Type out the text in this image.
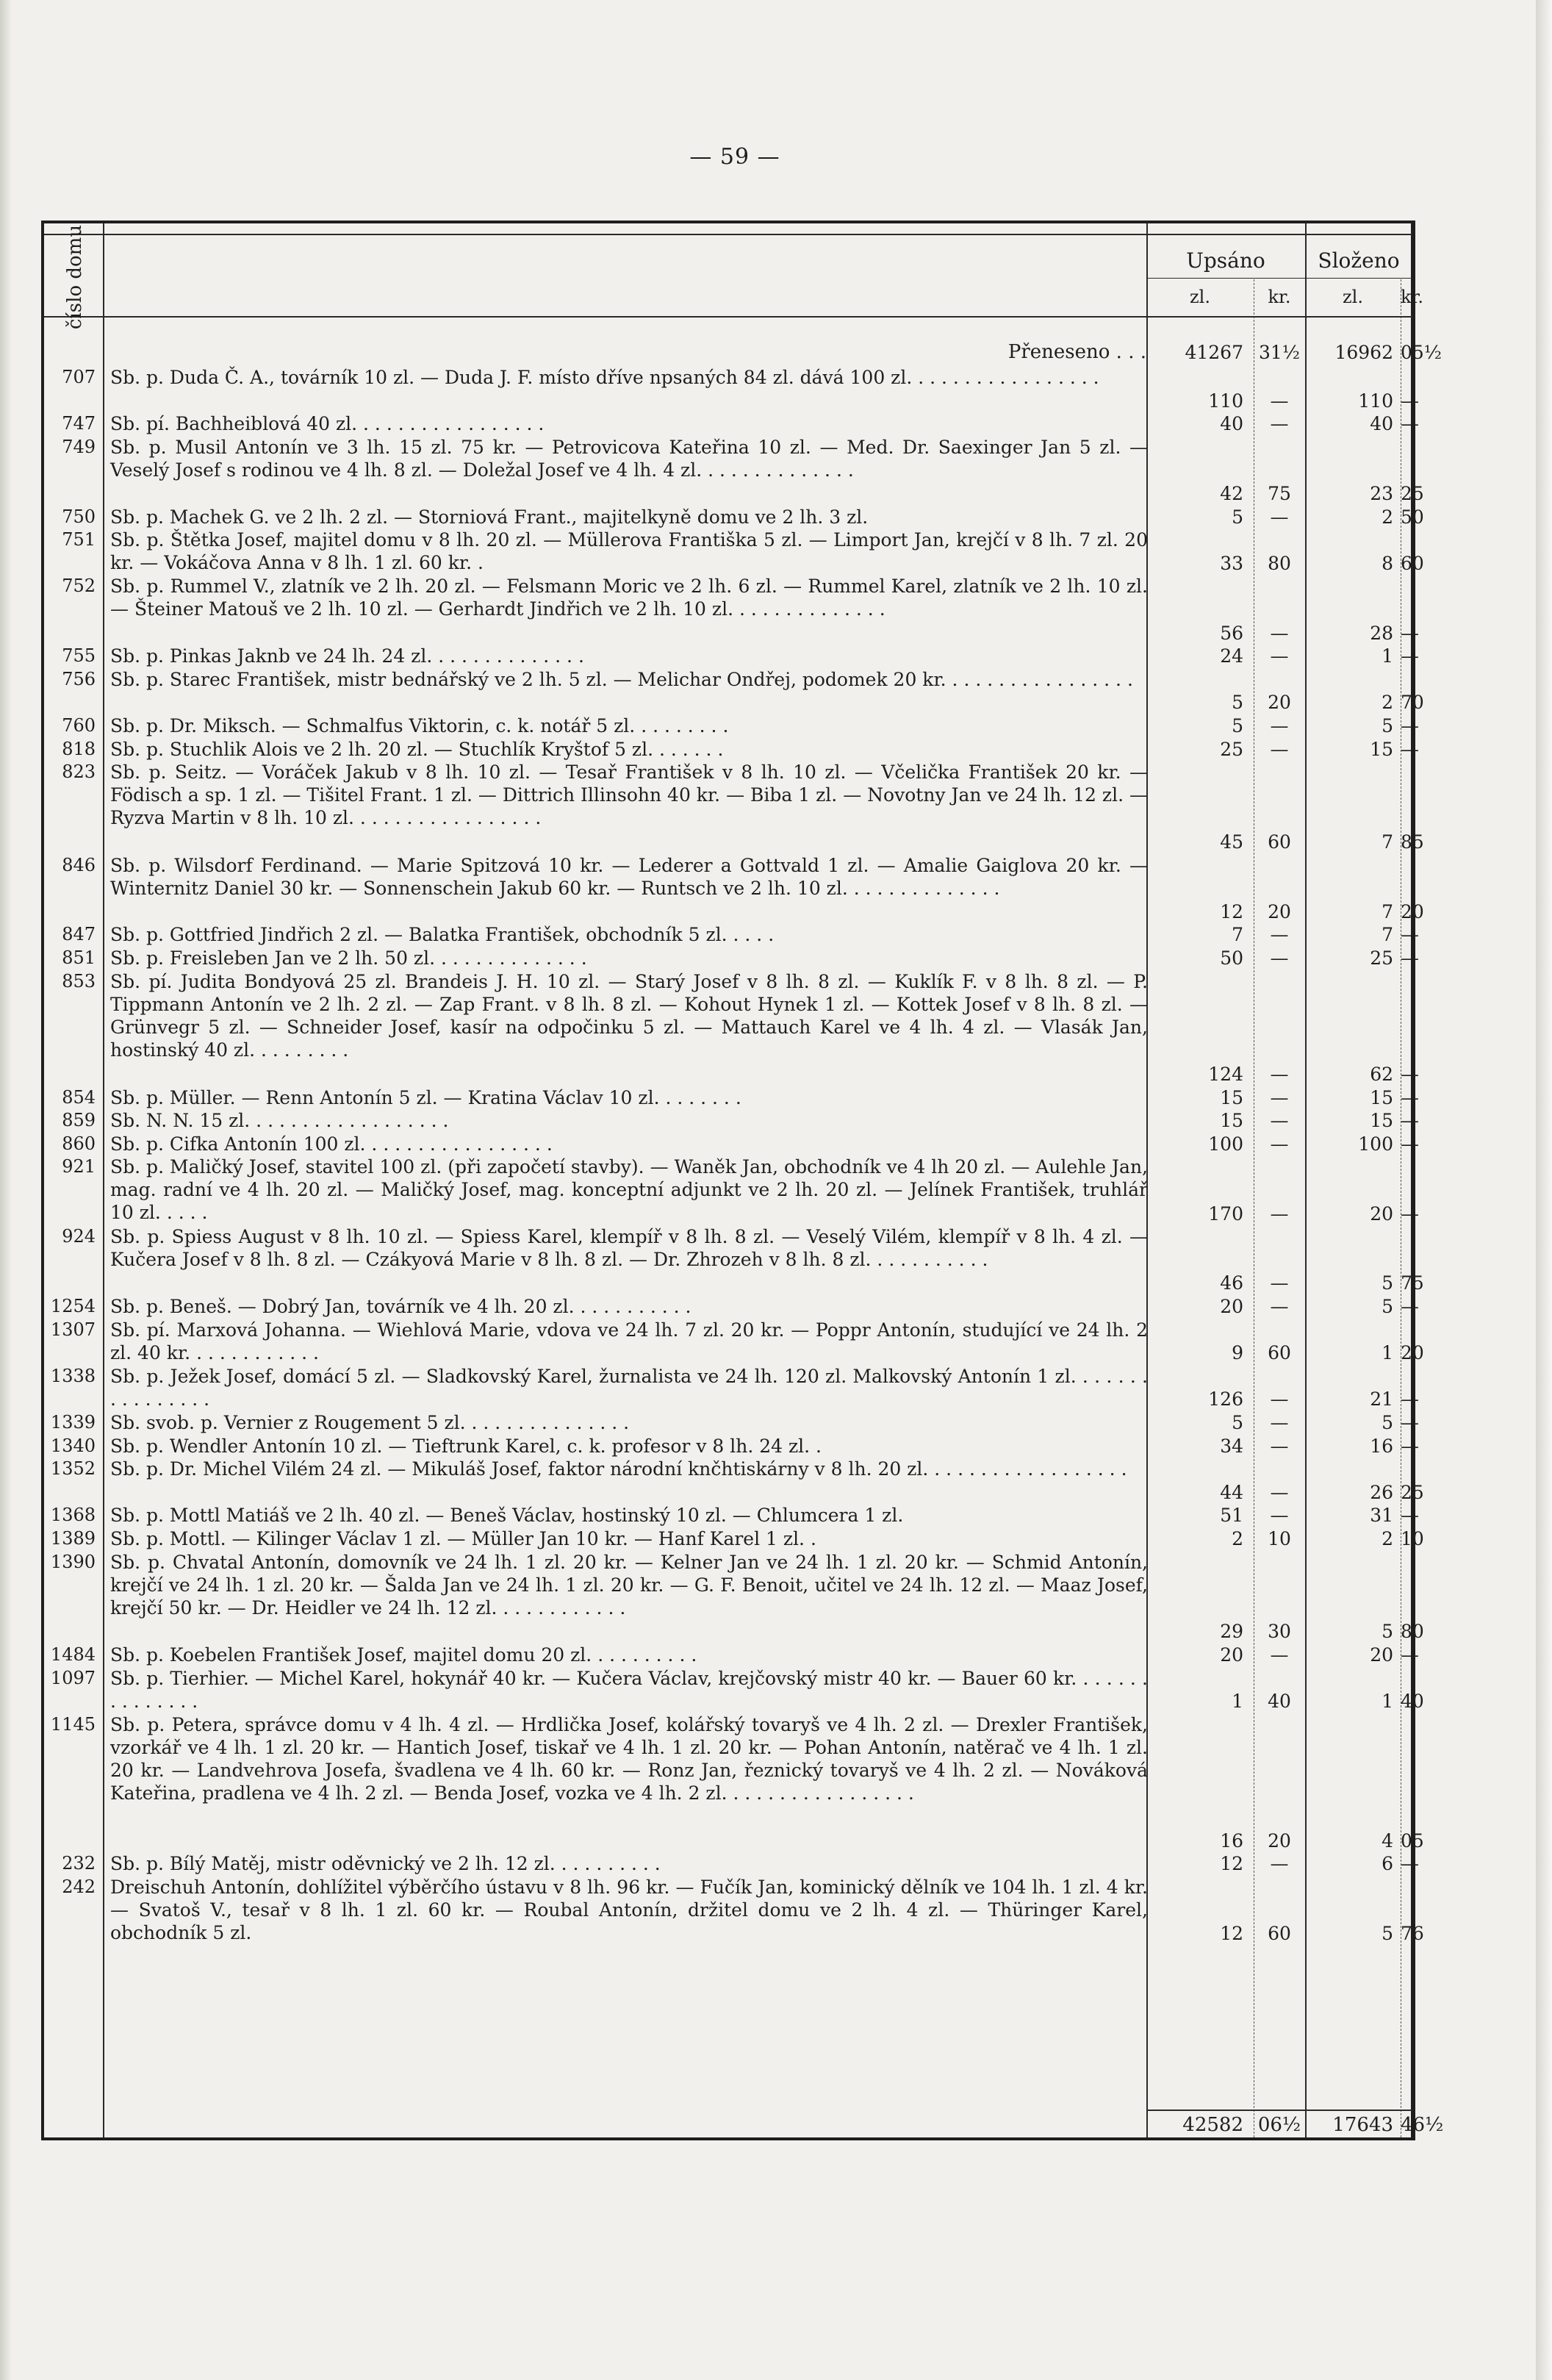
— 59 —
číslo domu	Upsáno	Složeno
zl.	kr.	zl.	kr.
Přeneseno . . .	41267 31½	16962 05½
707 Sb. p. Duda Č. A., továrník 10 zl. — Duda J. F. místo dříve npsaných 84 zl. dává 100 zl. . . . . . . . . . . . . . . . .
110	—	110 —
747 Sb. pí. Bachheiblová 40 zl. . . . . . . . . . . . . . . . .	40	—	40 —
749 Sb. p. Musil Antonín ve 3 lh. 15 zl. 75 kr. — Petrovicova Kateřina 10 zl. — Med. Dr. Saexinger Jan 5 zl. — Veselý Josef s rodinou ve 4 lh. 8 zl. — Doležal Josef ve 4 lh. 4 zl. . . . . . . . . . . . . .
42	75	23 25
750 Sb. p. Machek G. ve 2 lh. 2 zl. — Storniová Frant., majitelkyně domu ve 2 lh. 3 zl.	5	—	2 50
751 Sb. p. Štětka Josef, majitel domu v 8 lh. 20 zl. — Müllerova Františka 5 zl. — Limport Jan, krejčí v 8 lh. 7 zl. 20 kr. — Vokáčova Anna v 8 lh. 1 zl. 60 kr. .	33	80	8 60
752 Sb. p. Rummel V., zlatník ve 2 lh. 20 zl. — Felsmann Moric ve 2 lh. 6 zl. — Rummel Karel, zlatník ve 2 lh. 10 zl. — Šteiner Matouš ve 2 lh. 10 zl. — Gerhardt Jindřich ve 2 lh. 10 zl. . . . . . . . . . . . . .
56	—	28 —
755 Sb. p. Pinkas Jaknb ve 24 lh. 24 zl. . . . . . . . . . . . . .	24	—	1 —
756 Sb. p. Starec František, mistr bednářský ve 2 lh. 5 zl. — Melichar Ondřej, podomek 20 kr. . . . . . . . . . . . . . . . .
5	20	2 70
760 Sb. p. Dr. Miksch. — Schmalfus Viktorin, c. k. notář 5 zl. . . . . . . . .	5	—	5 —
818 Sb. p. Stuchlik Alois ve 2 lh. 20 zl. — Stuchlík Kryštof 5 zl. . . . . . .	25	—	15 —
823 Sb. p. Seitz. — Voráček Jakub v 8 lh. 10 zl. — Tesař František v 8 lh. 10 zl. — Včelička František 20 kr. — Födisch a sp. 1 zl. — Tišitel Frant. 1 zl. — Dittrich Illinsohn 40 kr. — Biba 1 zl. — Novotny Jan ve 24 lh. 12 zl. — Ryzva Martin v 8 lh. 10 zl. . . . . . . . . . . . . . . . .
45	60	7 85
846 Sb. p. Wilsdorf Ferdinand. — Marie Spitzová 10 kr. — Lederer a Gottvald 1 zl. — Amalie Gaiglova 20 kr. — Winternitz Daniel 30 kr. — Sonnenschein Jakub 60 kr. — Runtsch ve 2 lh. 10 zl. . . . . . . . . . . . . .
12	20	7 20
847 Sb. p. Gottfried Jindřich 2 zl. — Balatka František, obchodník 5 zl. . . . .	7	—	7 —
851 Sb. p. Freisleben Jan ve 2 lh. 50 zl. . . . . . . . . . . . . .	50	—	25 —
853 Sb. pí. Judita Bondyová 25 zl. Brandeis J. H. 10 zl. — Starý Josef v 8 lh. 8 zl. — Kuklík F. v 8 lh. 8 zl. — P. Tippmann Antonín ve 2 lh. 2 zl. — Zap Frant. v 8 lh. 8 zl. — Kohout Hynek 1 zl. — Kottek Josef v 8 lh. 8 zl. — Grünvegr 5 zl. — Schneider Josef, kasír na odpočinku 5 zl. — Mattauch Karel ve 4 lh. 4 zl. — Vlasák Jan, hostinský 40 zl. . . . . . . . .
124	—	62 —
854 Sb. p. Müller. — Renn Antonín 5 zl. — Kratina Václav 10 zl. . . . . . . .	15	—	15 —
859 Sb. N. N. 15 zl. . . . . . . . . . . . . . . . . .	15	—	15 —
860 Sb. p. Cifka Antonín 100 zl. . . . . . . . . . . . . . . . .	100	—	100 —
921 Sb. p. Maličký Josef, stavitel 100 zl. (při započetí stavby). — Waněk Jan, obchodník ve 4 lh 20 zl. — Aulehle Jan, mag. radní ve 4 lh. 20 zl. — Maličký Josef, mag. konceptní adjunkt ve 2 lh. 20 zl. — Jelínek František, truhlář 10 zl. . . . .	170	—	20 —
924 Sb. p. Spiess August v 8 lh. 10 zl. — Spiess Karel, klempíř v 8 lh. 8 zl. — Veselý Vilém, klempíř v 8 lh. 4 zl. — Kučera Josef v 8 lh. 8 zl. — Czákyová Marie v 8 lh. 8 zl. — Dr. Zhrozeh v 8 lh. 8 zl. . . . . . . . . . .
46	—	5 75
1254 Sb. p. Beneš. — Dobrý Jan, továrník ve 4 lh. 20 zl. . . . . . . . . . .	20	—	5 —
1307 Sb. pí. Marxová Johanna. — Wiehlová Marie, vdova ve 24 lh. 7 zl. 20 kr. — Poppr Antonín, studující ve 24 lh. 2 zl. 40 kr. . . . . . . . . . . .	9	60	1 20
1338 Sb. p. Ježek Josef, domácí 5 zl. — Sladkovský Karel, žurnalista ve 24 lh. 120 zl. Malkovský Antonín 1 zl. . . . . . . . . . . . . . . .	126	—	21 —
1339 Sb. svob. p. Vernier z Rougement 5 zl. . . . . . . . . . . . . . .	5	—	5 —
1340 Sb. p. Wendler Antonín 10 zl. — Tieftrunk Karel, c. k. profesor v 8 lh. 24 zl. .	34	—	16 —
1352 Sb. p. Dr. Michel Vilém 24 zl. — Mikuláš Josef, faktor národní knčhtiskárny v 8 lh. 20 zl. . . . . . . . . . . . . . . . . .
44	—	26 25
1368 Sb. p. Mottl Matiáš ve 2 lh. 40 zl. — Beneš Václav, hostinský 10 zl. — Chlumcera 1 zl.	51	—	31 —
1389 Sb. p. Mottl. — Kilinger Václav 1 zl. — Müller Jan 10 kr. — Hanf Karel 1 zl. .	2	10	2 10
1390 Sb. p. Chvatal Antonín, domovník ve 24 lh. 1 zl. 20 kr. — Kelner Jan ve 24 lh. 1 zl. 20 kr. — Schmid Antonín, krejčí ve 24 lh. 1 zl. 20 kr. — Šalda Jan ve 24 lh. 1 zl. 20 kr. — G. F. Benoit, učitel ve 24 lh. 12 zl. — Maaz Josef, krejčí 50 kr. — Dr. Heidler ve 24 lh. 12 zl. . . . . . . . . . . .
29	30	5 80
1484 Sb. p. Koebelen František Josef, majitel domu 20 zl. . . . . . . . . .	20	—	20 —
1097 Sb. p. Tierhier. — Michel Karel, hokynář 40 kr. — Kučera Václav, krejčovský mistr 40 kr. — Bauer 60 kr. . . . . . . . . . . . . . .	1	40	1 40
1145 Sb. p. Petera, správce domu v 4 lh. 4 zl. — Hrdlička Josef, kolářský tovaryš ve 4 lh. 2 zl. — Drexler František, vzorkář ve 4 lh. 1 zl. 20 kr. — Hantich Josef, tiskař ve 4 lh. 1 zl. 20 kr. — Pohan Antonín, natěrač ve 4 lh. 1 zl. 20 kr. — Landvehrova Josefa, švadlena ve 4 lh. 60 kr. — Ronz Jan, řeznický tovaryš ve 4 lh. 2 zl. — Nováková Kateřina, pradlena ve 4 lh. 2 zl. — Benda Josef, vozka ve 4 lh. 2 zl. . . . . . . . . . . . . . . . .
16	20	4 05
232 Sb. p. Bílý Matěj, mistr oděvnický ve 2 lh. 12 zl. . . . . . . . . .	12	—	6 —
242 Dreischuh Antonín, dohlížitel výběrčího ústavu v 8 lh. 96 kr. — Fučík Jan, kominický dělník ve 104 lh. 1 zl. 4 kr. — Svatoš V., tesař v 8 lh. 1 zl. 60 kr. — Roubal Antonín, držitel domu ve 2 lh. 4 zl. — Thüringer Karel, obchodník 5 zl.	12	60	5 76
42582 06½	17643 46½
